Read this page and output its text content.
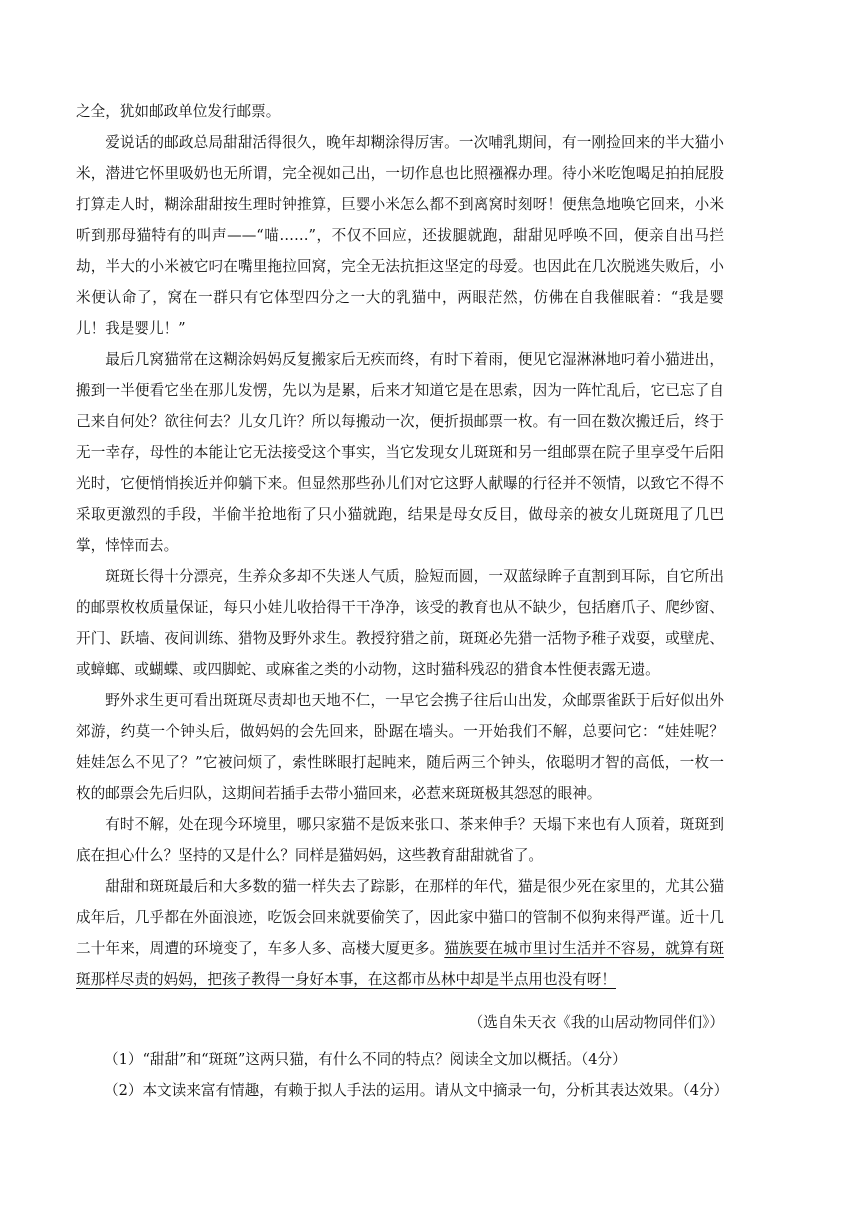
之全，犹如邮政单位发行邮票。

爱说话的邮政总局甜甜活得很久，晚年却糊涂得厉害。一次哺乳期间，有一刚捡回来的半大猫小米，潜进它怀里吸奶也无所谓，完全视如己出，一切作息也比照襁褓办理。待小米吃饱喝足拍拍屁股打算走人时，糊涂甜甜按生理时钟推算，巨婴小米怎么都不到离窝时刻呀！便焦急地唤它回来，小米听到那母猫特有的叫声——“喵……”，不仅不回应，还拔腿就跑，甜甜见呼唤不回，便亲自出马拦劫，半大的小米被它叼在嘴里拖拉回窝，完全无法抗拒这坚定的母爱。也因此在几次脱逃失败后，小米便认命了，窝在一群只有它体型四分之一大的乳猫中，两眼茫然，仿佛在自我催眠着：“我是婴儿！我是婴儿！”

最后几窝猫常在这糊涂妈妈反复搬家后无疾而终，有时下着雨，便见它湿淋淋地叼着小猫进出，搬到一半便看它坐在那儿发愣，先以为是累，后来才知道它是在思索，因为一阵忙乱后，它已忘了自己来自何处？欲往何去？儿女几许？所以每搬动一次，便折损邮票一枚。有一回在数次搬迁后，终于无一幸存，母性的本能让它无法接受这个事实，当它发现女儿斑斑和另一组邮票在院子里享受午后阳光时，它便悄悄挨近并仰躺下来。但显然那些孙儿们对它这野人献曝的行径并不领情，以致它不得不采取更激烈的手段，半偷半抢地衔了只小猫就跑，结果是母女反目，做母亲的被女儿斑斑甩了几巴掌，悻悻而去。

斑斑长得十分漂亮，生养众多却不失迷人气质，脸短而圆，一双蓝绿眸子直割到耳际，自它所出的邮票枚枚质量保证，每只小娃儿收拾得干干净净，该受的教育也从不缺少，包括磨爪子、爬纱窗、开门、跃墙、夜间训练、猎物及野外求生。教授狩猎之前，斑斑必先猎一活物予稚子戏耍，或壁虎、或蟑螂、或蝴蝶、或四脚蛇、或麻雀之类的小动物，这时猫科残忍的猎食本性便表露无遗。

野外求生更可看出斑斑尽责却也天地不仁，一早它会携子往后山出发，众邮票雀跃于后好似出外郊游，约莫一个钟头后，做妈妈的会先回来，卧踞在墙头。一开始我们不解，总要问它：“娃娃呢？娃娃怎么不见了？”它被问烦了，索性眯眼打起盹来，随后两三个钟头，依聪明才智的高低，一枚一枚的邮票会先后归队，这期间若插手去带小猫回来，必惹来斑斑极其怨怼的眼神。

有时不解，处在现今环境里，哪只家猫不是饭来张口、茶来伸手？天塌下来也有人顶着，斑斑到底在担心什么？坚持的又是什么？同样是猫妈妈，这些教育甜甜就省了。

甜甜和斑斑最后和大多数的猫一样失去了踪影，在那样的年代，猫是很少死在家里的，尤其公猫成年后，几乎都在外面浪迹，吃饭会回来就要偷笑了，因此家中猫口的管制不似狗来得严谨。近十几二十年来，周遭的环境变了，车多人多、高楼大厦更多。猫族要在城市里讨生活并不容易，就算有斑斑那样尽责的妈妈，把孩子教得一身好本事，在这都市丛林中却是半点用也没有呀！

（选自朱天衣《我的山居动物同伴们》）

（1）“甜甜”和“斑斑”这两只猫，有什么不同的特点？阅读全文加以概括。（4分）

（2）本文读来富有情趣，有赖于拟人手法的运用。请从文中摘录一句，分析其表达效果。（4分）
